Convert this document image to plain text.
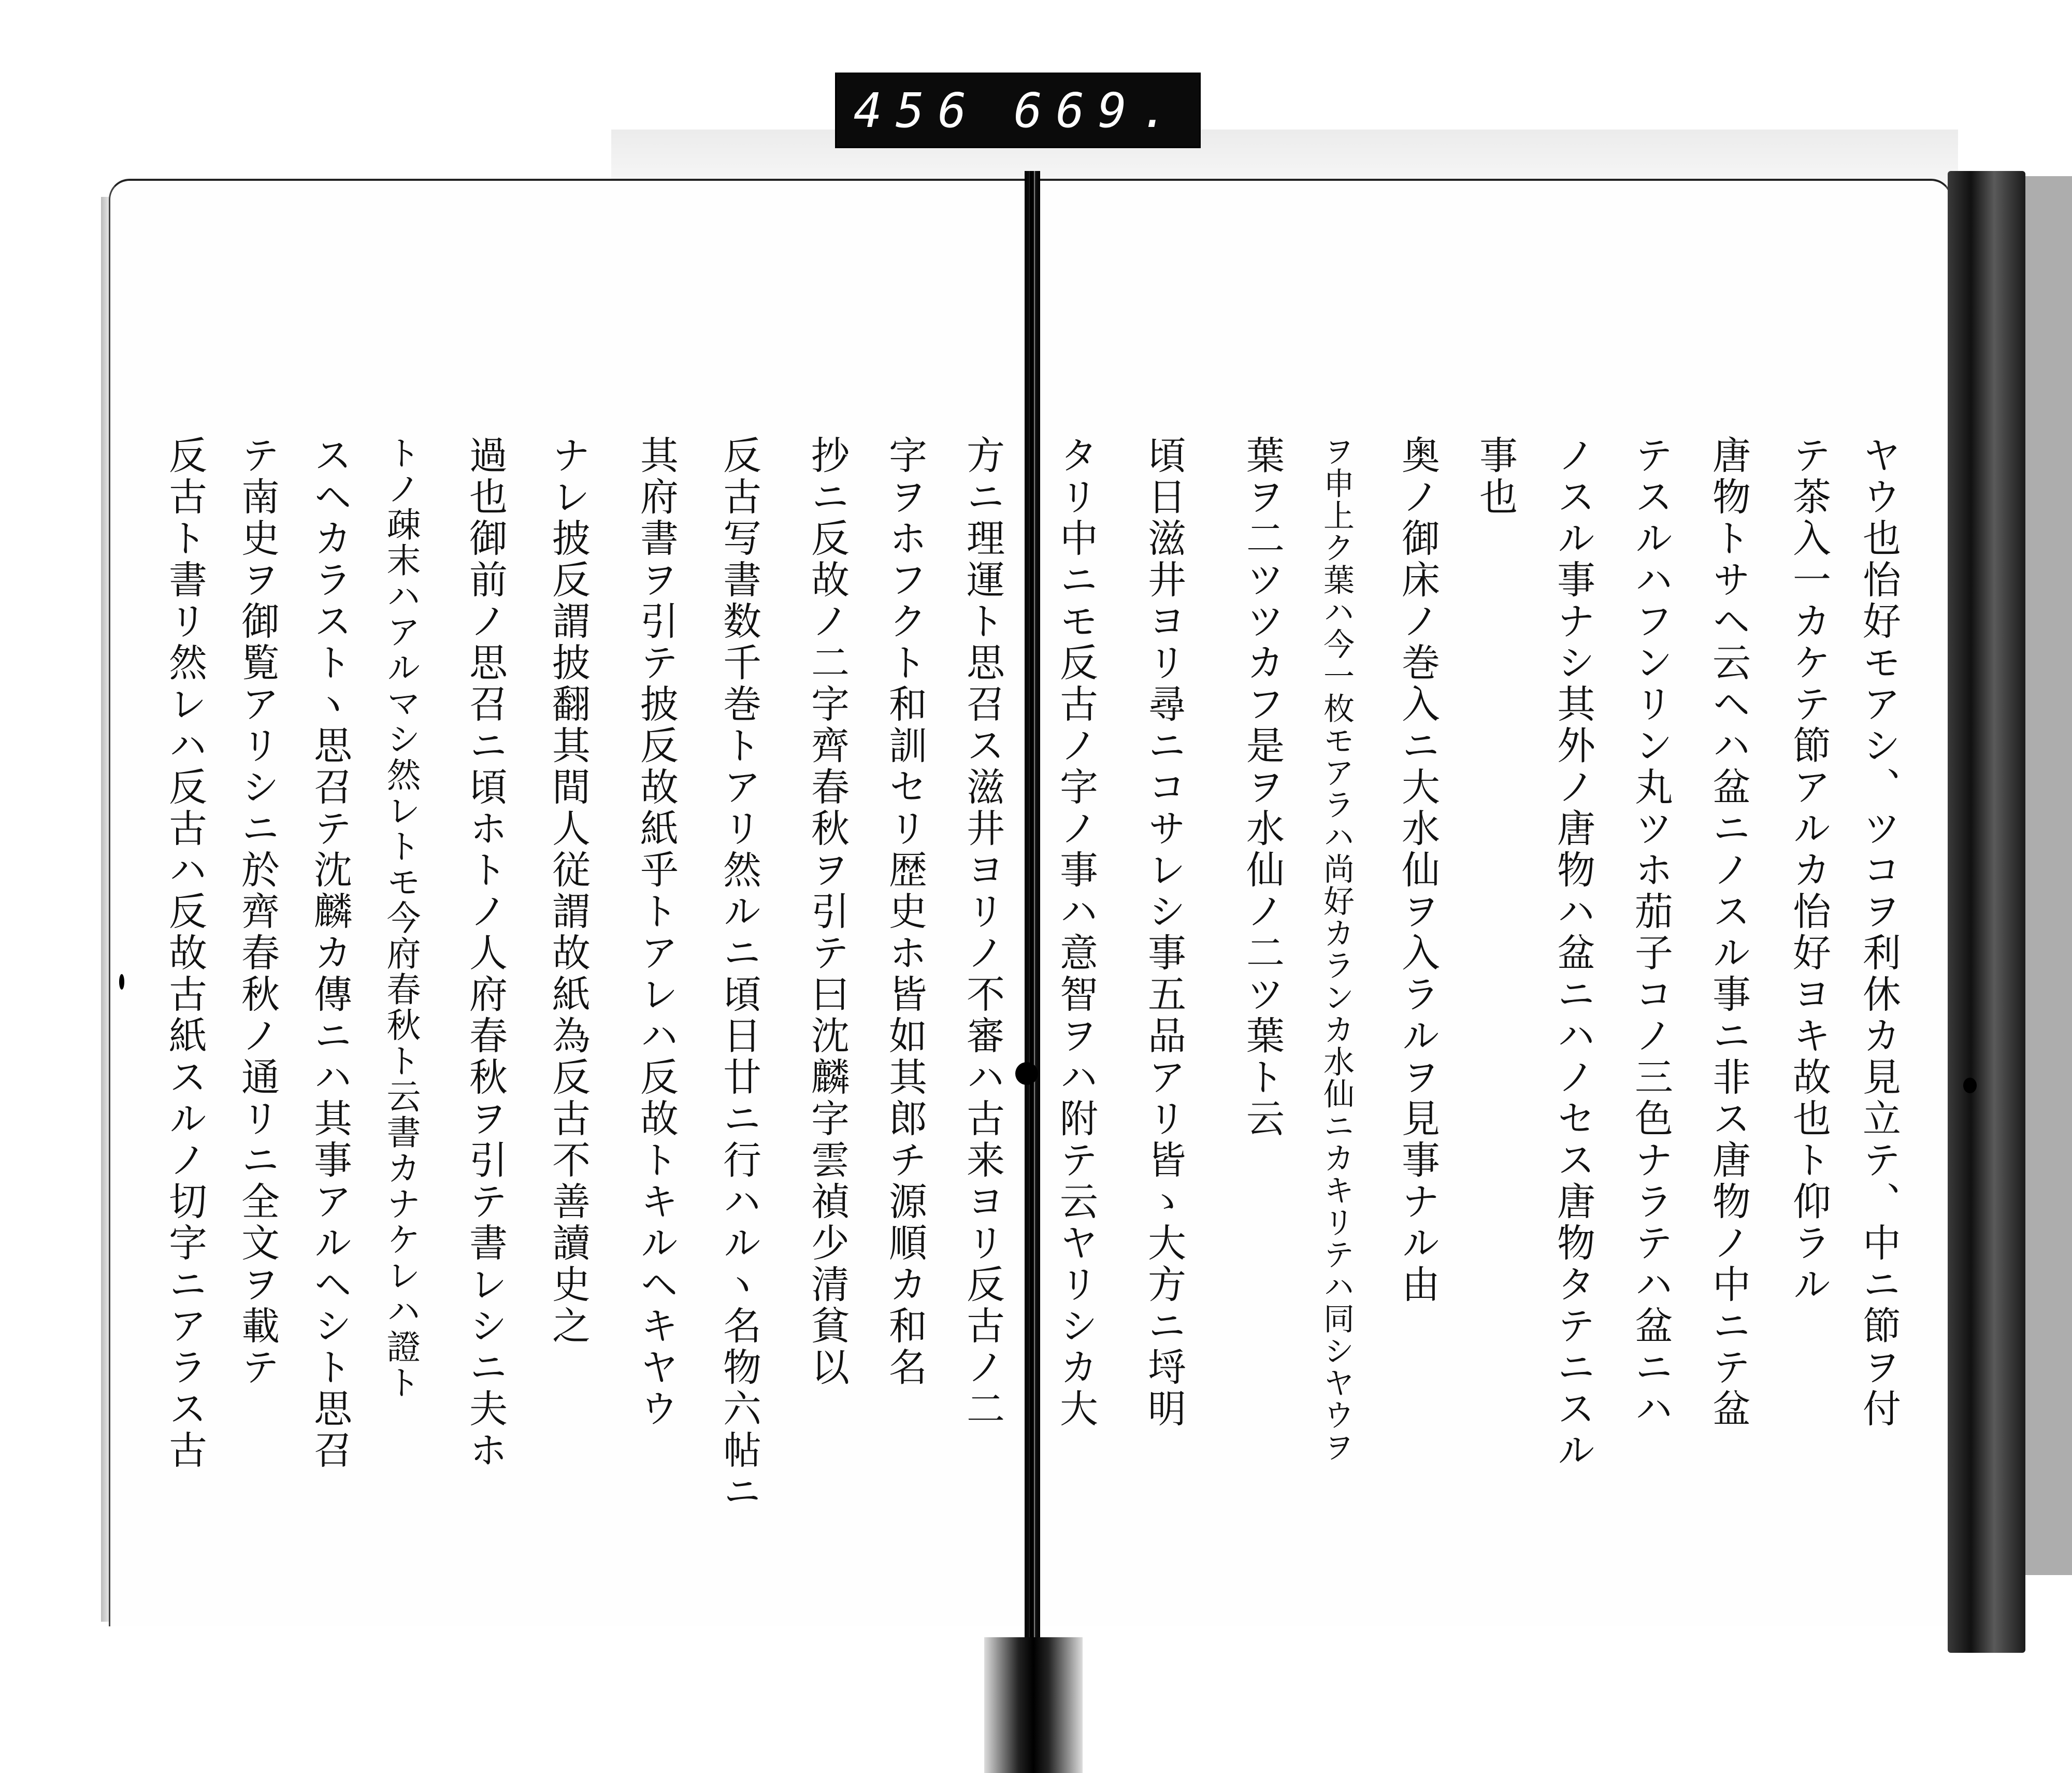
456 669.
ヤウ也怡好モアシ、ツコヲ利休カ見立テ、中ニ節ヲ付
テ茶入一カケテ節アルカ怡好ヨキ故也ト仰ラル
唐物トサヘ云ヘハ盆ニノスル事ニ非ス唐物ノ中ニテ盆
テスルハフンリン丸ツホ茄子コノ三色ナラテハ盆ニハ
ノスル事ナシ其外ノ唐物ハ盆ニハノセス唐物タテニスル
事也
奥ノ御床ノ巻入ニ大水仙ヲ入ラルヲ見事ナル由
ヲ申上ク葉ハ今一枚モアラハ尚好カランカ水仙ニカキリテハ同シヤウヲ
葉ヲ二ツツカフ是ヲ水仙ノ二ツ葉ト云
頃日滋井ヨリ尋ニコサレシ事五品アリ皆ゝ大方ニ埒明
タリ中ニモ反古ノ字ノ事ハ意智ヲハ附テ云ヤリシカ大
方ニ理運ト思召ス滋井ヨリノ不審ハ古来ヨリ反古ノ二
字ヲホフクト和訓セリ歴史ホ皆如其郎チ源順カ和名
抄ニ反故ノ二字齊春秋ヲ引テ曰沈麟字雲禎少清貧以
反古写書数千巻トアリ然ルニ頃日廿ニ行ハルヽ名物六帖ニ
其府書ヲ引テ披反故紙乎トアレハ反故トキルヘキヤウ
ナレ披反謂披翻其間人従謂故紙為反古不善讀史之
過也御前ノ思召ニ頃ホトノ人府春秋ヲ引テ書レシニ夫ホ
トノ疎末ハアルマシ然レトモ今府春秋ト云書カナケレハ證ト
スヘカラストヽ思召テ沈麟カ傳ニハ其事アルヘシト思召
テ南史ヲ御覧アリシニ於齊春秋ノ通リニ全文ヲ載テ
反古ト書リ然レハ反古ハ反故古紙スルノ切字ニアラス古
